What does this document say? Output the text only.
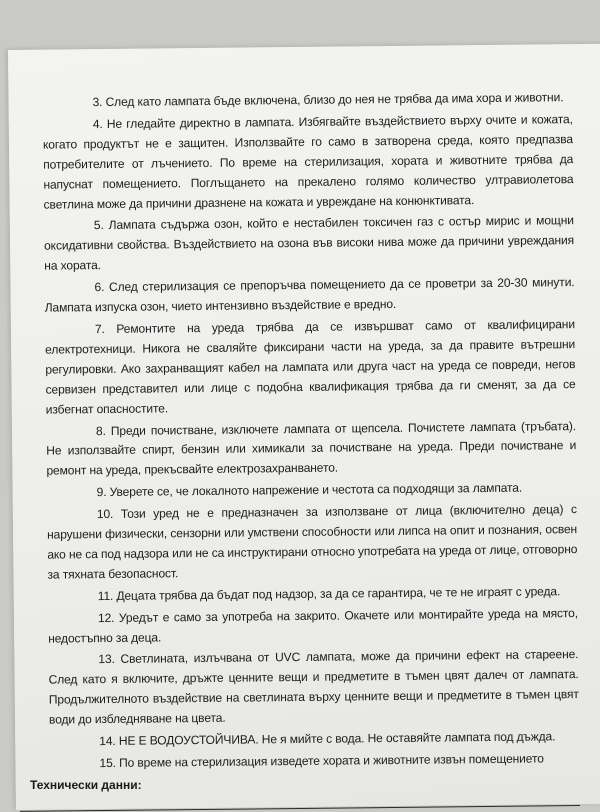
3. След като лампата бъде включена, близо до нея не трябва да има хора и животни.

4. Не гледайте директно в лампата. Избягвайте въздействието върху очите и кожата, когато продуктът не е защитен. Използвайте го само в затворена среда, която предпазва потребителите от лъчението. По време на стерилизация, хората и животните трябва да напуснат помещението. Поглъщането на прекалено голямо количество ултравиолетова светлина може да причини дразнене на кожата и увреждане на конюнктивата.

5. Лампата съдържа озон, който е нестабилен токсичен газ с остър мирис и мощни оксидативни свойства. Въздействието на озона във високи нива може да причини увреждания на хората.

6. След стерилизация се препоръчва помещението да се проветри за 20-30 минути. Лампата изпуска озон, чието интензивно въздействие е вредно.

7. Ремонтите на уреда трябва да се извършват само от квалифицирани електротехници. Никога не сваляйте фиксирани части на уреда, за да правите вътрешни регулировки. Ако захранващият кабел на лампата или друга част на уреда се повреди, негов сервизен представител или лице с подобна квалификация трябва да ги сменят, за да се избегнат опасностите.

8. Преди почистване, изключете лампата от щепсела. Почистете лампата (тръбата). Не използвайте спирт, бензин или химикали за почистване на уреда. Преди почистване и ремонт на уреда, прекъсвайте електрозахранването.

9. Уверете се, че локалното напрежение и честота са подходящи за лампата.

10. Този уред не е предназначен за използване от лица (включително деца) с нарушени физически, сензорни или умствени способности или липса на опит и познания, освен ако не са под надзора или не са инструктирани относно употребата на уреда от лице, отговорно за тяхната безопасност.

11. Децата трябва да бъдат под надзор, за да се гарантира, че те не играят с уреда.

12. Уредът е само за употреба на закрито. Окачете или монтирайте уреда на място, недостъпно за деца.

13. Светлината, излъчвана от UVC лампата, може да причини ефект на стареене. След като я включите, дръжте ценните вещи и предметите в тъмен цвят далеч от лампата. Продължителното въздействие на светлината върху ценните вещи и предметите в тъмен цвят води до избледняване на цвета.

14. НЕ Е ВОДОУСТОЙЧИВА. Не я мийте с вода. Не оставяйте лампата под дъжда.

15. По време на стерилизация изведете хората и животните извън помещението

Технически данни:
